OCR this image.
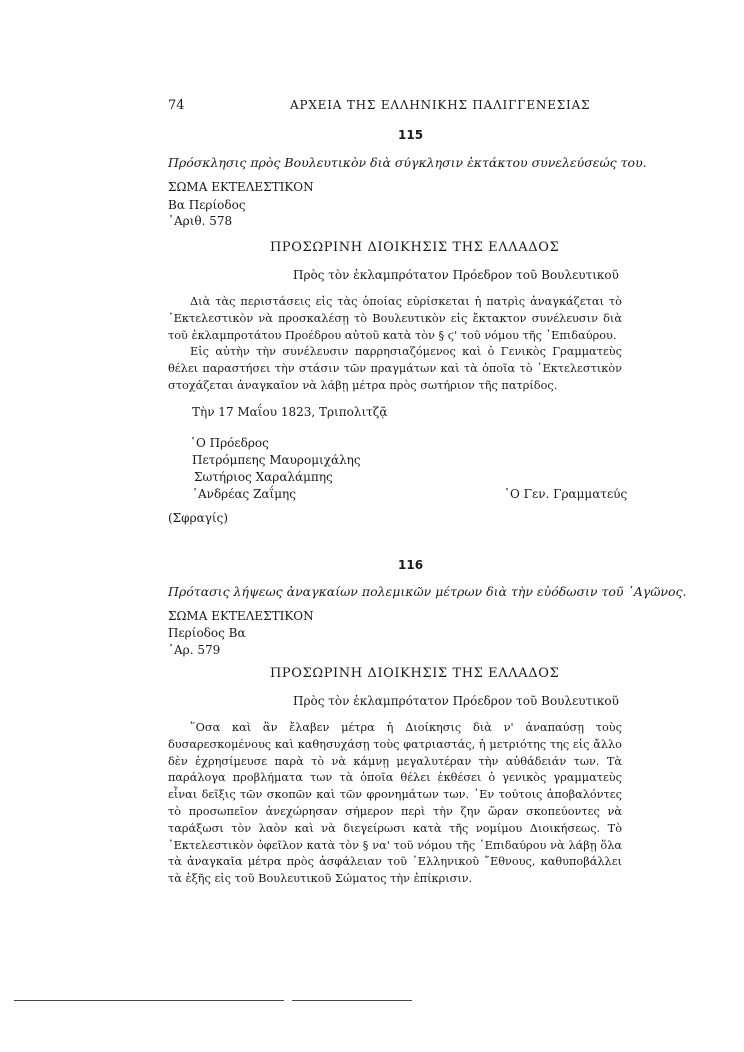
74	ΑΡΧΕΙΑ ΤΗΣ ΕΛΛΗΝΙΚΗΣ ΠΑΛΙΓΓΕΝΕΣΙΑΣ
115
Πρόσκλησις πρὸς Βουλευτικὸν διὰ σύγκλησιν ἐκτάκτου συνελεύσεώς του.
ΣΩΜΑ ΕΚΤΕΛΕΣΤΙΚΟΝ
Βα Περίοδος
᾿Αριθ. 578
ΠΡΟΣΩΡΙΝΗ ΔΙΟΙΚΗΣΙΣ ΤΗΣ ΕΛΛΑΔΟΣ
Πρὸς τὸν ἐκλαμπρότατον Πρόεδρον τοῦ Βουλευτικοῦ

Διὰ τὰς περιστάσεις εἰς τὰς ὁποίας εὑρίσκεται ἡ πατρὶς ἀναγκάζεται τὸ ᾿Εκτελεστικὸν νὰ προσκαλέσῃ τὸ Βουλευτικὸν εἰς ἔκτακτον συνέλευσιν διὰ τοῦ ἐκλαμπροτάτου Προέδρου αὐτοῦ κατὰ τὸν § ϛ' τοῦ νόμου τῆς ᾿Επιδαύρου.

Εἰς αὐτὴν τὴν συνέλευσιν παρρησιαζόμενος καὶ ὁ Γενικὸς Γραμματεὺς θέλει παραστήσει τὴν στάσιν τῶν πραγμάτων καὶ τὰ ὁποῖα τὸ ᾿Εκτελεστικὸν στοχάζεται ἀναγκαῖον νὰ λάβῃ μέτρα πρὸς σωτήριον τῆς πατρίδος.

Τὴν 17 Μαΐου 1823, Τριπολιτζᾷ
῾Ο Πρόεδρος
Πετρόμπεης Μαυρομιχάλης
Σωτήριος Χαραλάμπης
᾿Ανδρέας Ζαΐμης	῾Ο Γεν. Γραμματεύς
(Σφραγίς)
116
Πρότασις λήψεως ἀναγκαίων πολεμικῶν μέτρων διὰ τὴν εὐόδωσιν τοῦ ᾿Αγῶνος.
ΣΩΜΑ ΕΚΤΕΛΕΣΤΙΚΟΝ
Περίοδος Βα
᾿Αρ. 579
ΠΡΟΣΩΡΙΝΗ ΔΙΟΙΚΗΣΙΣ ΤΗΣ ΕΛΛΑΔΟΣ
Πρὸς τὸν ἐκλαμπρότατον Πρόεδρον τοῦ Βουλευτικοῦ

῞Οσα καὶ ἂν ἔλαβεν μέτρα ἡ Διοίκησις διὰ ν' ἀναπαύσῃ τοὺς δυσαρεσκομένους καὶ καθησυχάσῃ τοὺς φατριαστάς, ἡ μετριότης της εἰς ἄλλο δὲν ἐχρησίμευσε παρὰ τὸ νὰ κάμνῃ μεγαλυτέραν τὴν αὐθάδειάν των. Τὰ παράλογα προβλήματα των τὰ ὁποῖα θέλει ἐκθέσει ὁ γενικὸς γραμματεὺς εἶναι δεῖξις τῶν σκοπῶν καὶ τῶν φρονημάτων των. ᾿Εν τούτοις ἀποβαλόντες τὸ προσωπεῖον ἀνεχώρησαν σήμερον περὶ τὴν ζην ὥραν σκοπεύοντες νὰ ταράξωσι τὸν λαὸν καὶ νὰ διεγείρωσι κατὰ τῆς νομίμου Διοικήσεως. Τὸ ᾿Εκτελεστικὸν ὀφεῖλον κατὰ τὸν § να' τοῦ νόμου τῆς ᾿Επιδαύρου νὰ λάβῃ ὅλα τὰ ἀναγκαῖα μέτρα πρὸς ἀσφάλειαν τοῦ ῾Ελληνικοῦ ῎Εθνους, καθυποβάλλει τὰ ἑξῆς εἰς τοῦ Βουλευτικοῦ Σώματος τὴν ἐπίκρισιν.
